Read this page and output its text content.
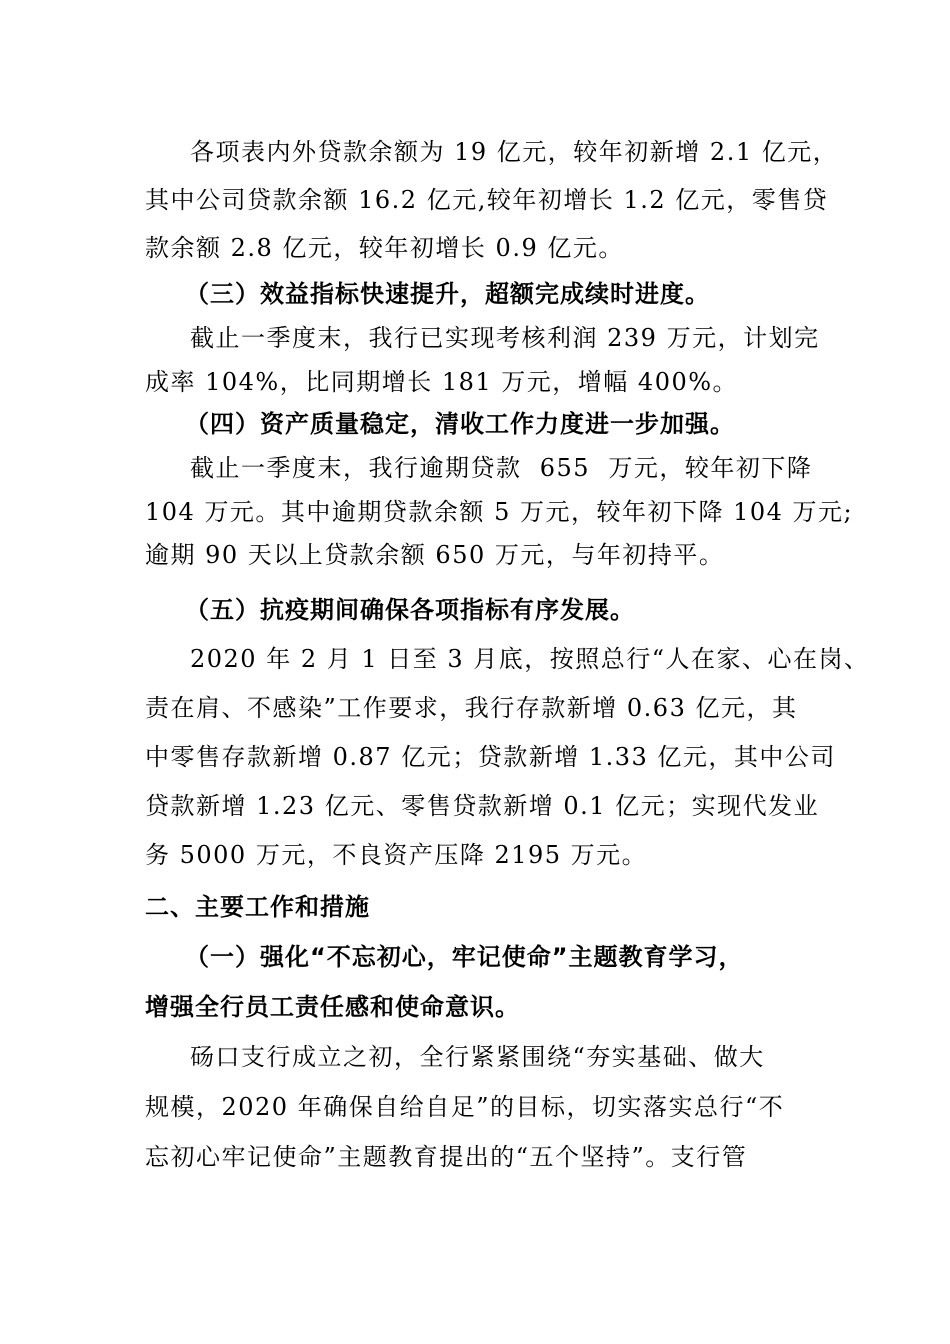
各项表内外贷款余额为 19 亿元，较年初新增 2.1 亿元，
其中公司贷款余额 16.2 亿元,较年初增长 1.2 亿元，零售贷
款余额 2.8 亿元，较年初增长 0.9 亿元。
（三）效益指标快速提升，超额完成续时进度。
截止一季度末，我行已实现考核利润 239 万元，计划完
成率 104%，比同期增长 181 万元，增幅 400%。
（四）资产质量稳定，清收工作力度进一步加强。
截止一季度末，我行逾期贷款  655  万元，较年初下降
104 万元。其中逾期贷款余额 5 万元，较年初下降 104 万元;
逾期 90 天以上贷款余额 650 万元，与年初持平。
（五）抗疫期间确保各项指标有序发展。
2020 年 2 月 1 日至 3 月底，按照总行“人在家、心在岗、
责在肩、不感染”工作要求，我行存款新增 0.63 亿元，其
中零售存款新增 0.87 亿元；贷款新增 1.33 亿元，其中公司
贷款新增 1.23 亿元、零售贷款新增 0.1 亿元；实现代发业
务 5000 万元，不良资产压降 2195 万元。
二、主要工作和措施
（一）强化“不忘初心，牢记使命”主题教育学习，
增强全行员工责任感和使命意识。
砀口支行成立之初，全行紧紧围绕“夯实基础、做大
规模，2020 年确保自给自足”的目标，切实落实总行“不
忘初心牢记使命”主题教育提出的“五个坚持”。支行管
